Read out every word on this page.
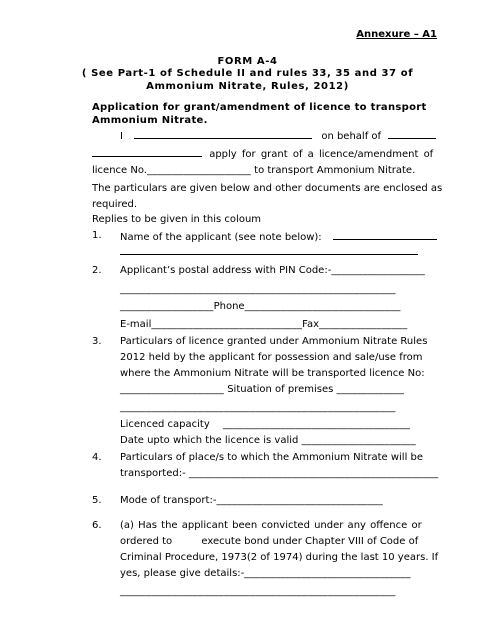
Annexure – A1
FORM A-4
( See Part-1 of Schedule II and rules 33, 35 and 37 of
Ammonium Nitrate, Rules, 2012)
Application for grant/amendment of licence to transport
Ammonium Nitrate.
I	on behalf of
apply for grant of a licence/amendment of
licence No.____________________ to transport Ammonium Nitrate.
The particulars are given below and other documents are enclosed as
required.
Replies to be given in this coloum
1. Name of the applicant (see note below):
2. Applicant’s postal address with PIN Code:-__________________
_____________________________________________________
__________________Phone______________________________
E-mail_____________________________Fax_________________
3. Particulars of licence granted under Ammonium Nitrate Rules
2012 held by the applicant for possession and sale/use from
where the Ammonium Nitrate will be transported licence No:
____________________ Situation of premises _____________
_____________________________________________________
Licenced capacity ____________________________________
Date upto which the licence is valid ______________________
4. Particulars of place/s to which the Ammonium Nitrate will be
transported:- ________________________________________________
5. Mode of transport:-________________________________
6. (a) Has the applicant been convicted under any offence or
ordered to	execute bond under Chapter VIII of Code of
Criminal Procedure, 1973(2 of 1974) during the last 10 years. If
yes, please give details:-________________________________
_____________________________________________________
